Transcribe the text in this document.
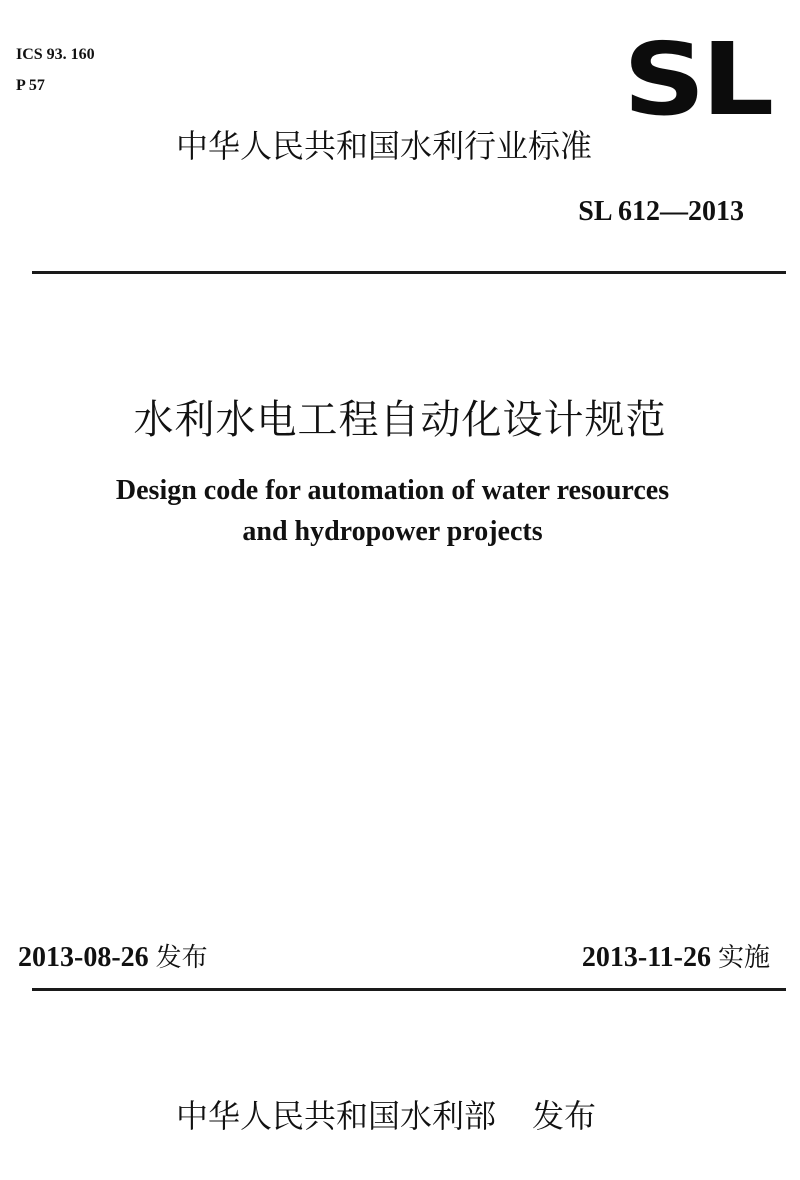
ICS 93. 160
P 57	SL
中华人民共和国水利行业标准
SL 612—2013
水利水电工程自动化设计规范
Design code for automation of water resources
and hydropower projects
2013-08-26 发布	2013-11-26 实施
中华人民共和国水利部 发布
